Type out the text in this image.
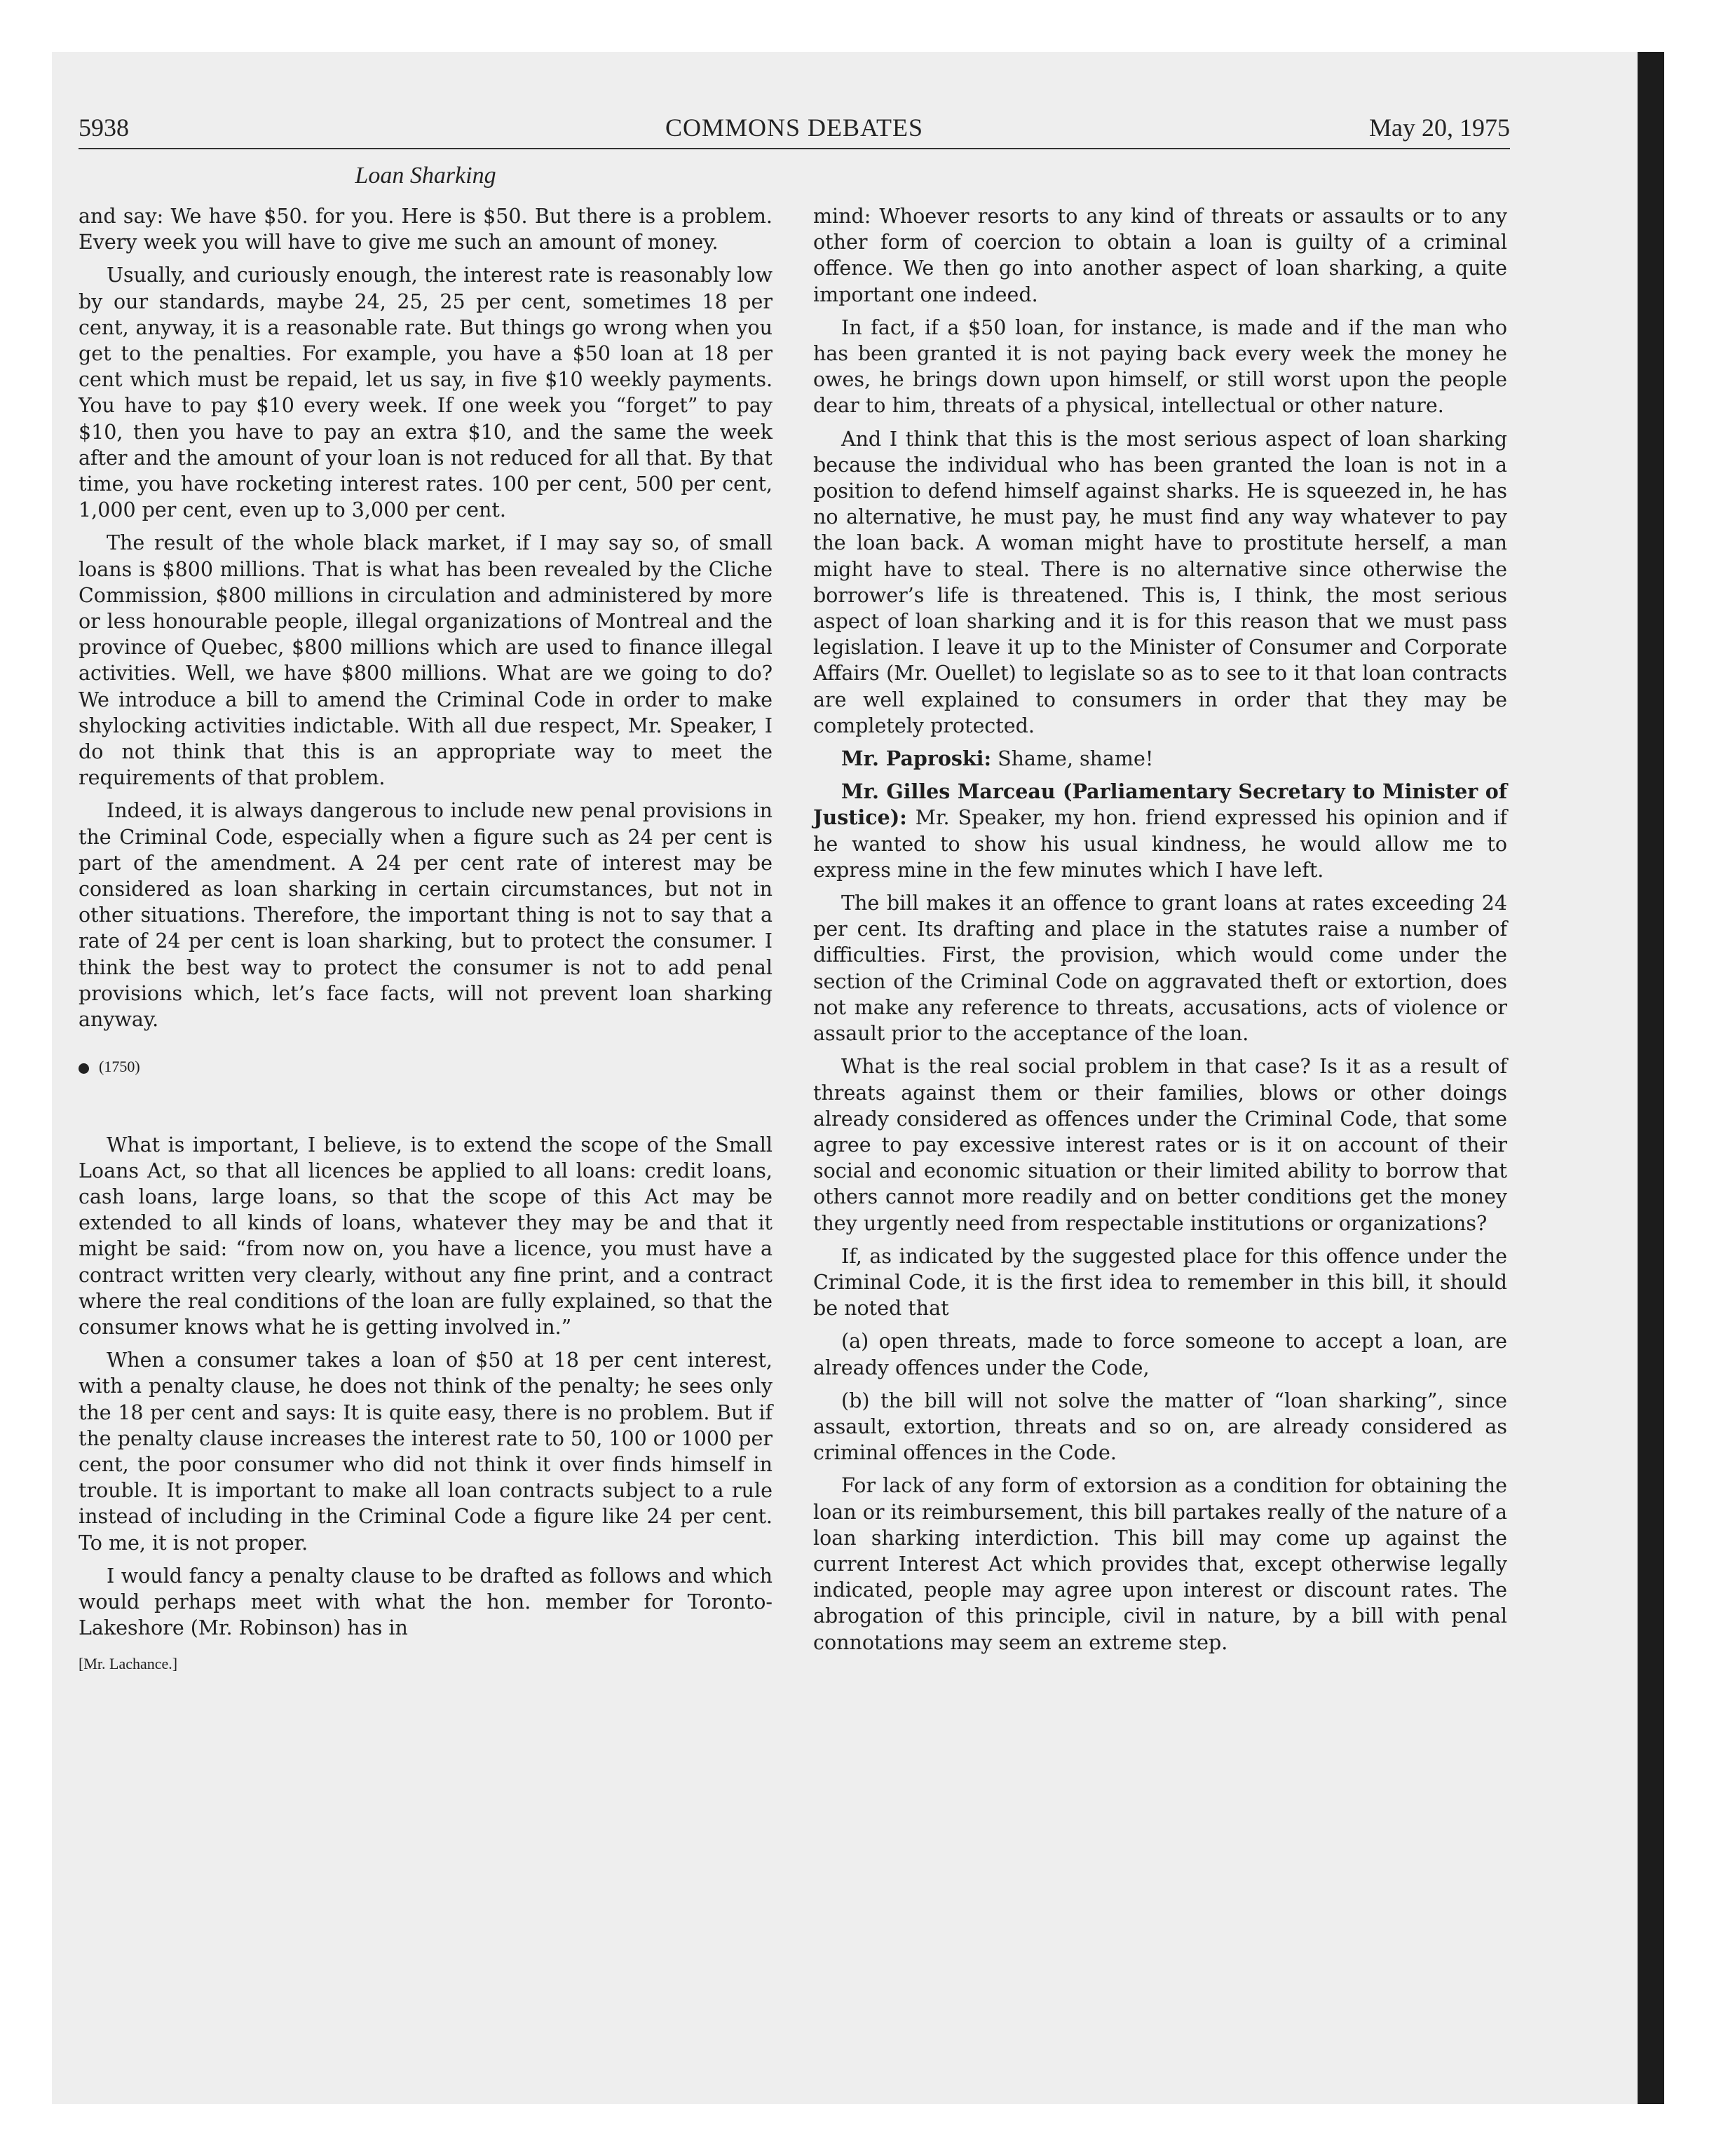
5938	COMMONS DEBATES	May 20, 1975
Loan Sharking

and say: We have $50. for you. Here is $50. But there is a problem. Every week you will have to give me such an amount of money.

Usually, and curiously enough, the interest rate is reasonably low by our standards, maybe 24, 25, 25 per cent, sometimes 18 per cent, anyway, it is a reasonable rate. But things go wrong when you get to the penalties. For example, you have a $50 loan at 18 per cent which must be repaid, let us say, in five $10 weekly payments. You have to pay $10 every week. If one week you “forget” to pay $10, then you have to pay an extra $10, and the same the week after and the amount of your loan is not reduced for all that. By that time, you have rocketing interest rates. 100 per cent, 500 per cent, 1,000 per cent, even up to 3,000 per cent.

The result of the whole black market, if I may say so, of small loans is $800 millions. That is what has been revealed by the Cliche Commission, $800 millions in circulation and administered by more or less honourable people, illegal organizations of Montreal and the province of Quebec, $800 millions which are used to finance illegal activities. Well, we have $800 millions. What are we going to do? We introduce a bill to amend the Criminal Code in order to make shylocking activities indictable. With all due respect, Mr. Speaker, I do not think that this is an appropriate way to meet the requirements of that problem.

Indeed, it is always dangerous to include new penal provisions in the Criminal Code, especially when a figure such as 24 per cent is part of the amendment. A 24 per cent rate of interest may be considered as loan sharking in certain circumstances, but not in other situations. Therefore, the important thing is not to say that a rate of 24 per cent is loan sharking, but to protect the consumer. I think the best way to protect the consumer is not to add penal provisions which, let’s face facts, will not prevent loan sharking anyway.

(1750)

What is important, I believe, is to extend the scope of the Small Loans Act, so that all licences be applied to all loans: credit loans, cash loans, large loans, so that the scope of this Act may be extended to all kinds of loans, whatever they may be and that it might be said: “from now on, you have a licence, you must have a contract written very clearly, without any fine print, and a contract where the real conditions of the loan are fully explained, so that the consumer knows what he is getting involved in.”

When a consumer takes a loan of $50 at 18 per cent interest, with a penalty clause, he does not think of the penalty; he sees only the 18 per cent and says: It is quite easy, there is no problem. But if the penalty clause increases the interest rate to 50, 100 or 1000 per cent, the poor consumer who did not think it over finds himself in trouble. It is important to make all loan contracts subject to a rule instead of including in the Criminal Code a figure like 24 per cent. To me, it is not proper.

I would fancy a penalty clause to be drafted as follows and which would perhaps meet with what the hon. member for Toronto-Lakeshore (Mr. Robinson) has in

[Mr. Lachance.]

mind: Whoever resorts to any kind of threats or assaults or to any other form of coercion to obtain a loan is guilty of a criminal offence. We then go into another aspect of loan sharking, a quite important one indeed.

In fact, if a $50 loan, for instance, is made and if the man who has been granted it is not paying back every week the money he owes, he brings down upon himself, or still worst upon the people dear to him, threats of a physical, intellectual or other nature.

And I think that this is the most serious aspect of loan sharking because the individual who has been granted the loan is not in a position to defend himself against sharks. He is squeezed in, he has no alternative, he must pay, he must find any way whatever to pay the loan back. A woman might have to prostitute herself, a man might have to steal. There is no alternative since otherwise the borrower’s life is threatened. This is, I think, the most serious aspect of loan sharking and it is for this reason that we must pass legislation. I leave it up to the Minister of Consumer and Corporate Affairs (Mr. Ouellet) to legislate so as to see to it that loan contracts are well explained to consumers in order that they may be completely protected.

Mr. Paproski: Shame, shame!

Mr. Gilles Marceau (Parliamentary Secretary to Minister of Justice): Mr. Speaker, my hon. friend expressed his opinion and if he wanted to show his usual kindness, he would allow me to express mine in the few minutes which I have left.

The bill makes it an offence to grant loans at rates exceeding 24 per cent. Its drafting and place in the statutes raise a number of difficulties. First, the provision, which would come under the section of the Criminal Code on aggravated theft or extortion, does not make any reference to threats, accusations, acts of violence or assault prior to the acceptance of the loan.

What is the real social problem in that case? Is it as a result of threats against them or their families, blows or other doings already considered as offences under the Criminal Code, that some agree to pay excessive interest rates or is it on account of their social and economic situation or their limited ability to borrow that others cannot more readily and on better conditions get the money they urgently need from respectable institutions or organizations?

If, as indicated by the suggested place for this offence under the Criminal Code, it is the first idea to remember in this bill, it should be noted that

(a) open threats, made to force someone to accept a loan, are already offences under the Code,

(b) the bill will not solve the matter of “loan sharking”, since assault, extortion, threats and so on, are already considered as criminal offences in the Code.

For lack of any form of extorsion as a condition for obtaining the loan or its reimbursement, this bill partakes really of the nature of a loan sharking interdiction. This bill may come up against the current Interest Act which provides that, except otherwise legally indicated, people may agree upon interest or discount rates. The abrogation of this principle, civil in nature, by a bill with penal connotations may seem an extreme step.
